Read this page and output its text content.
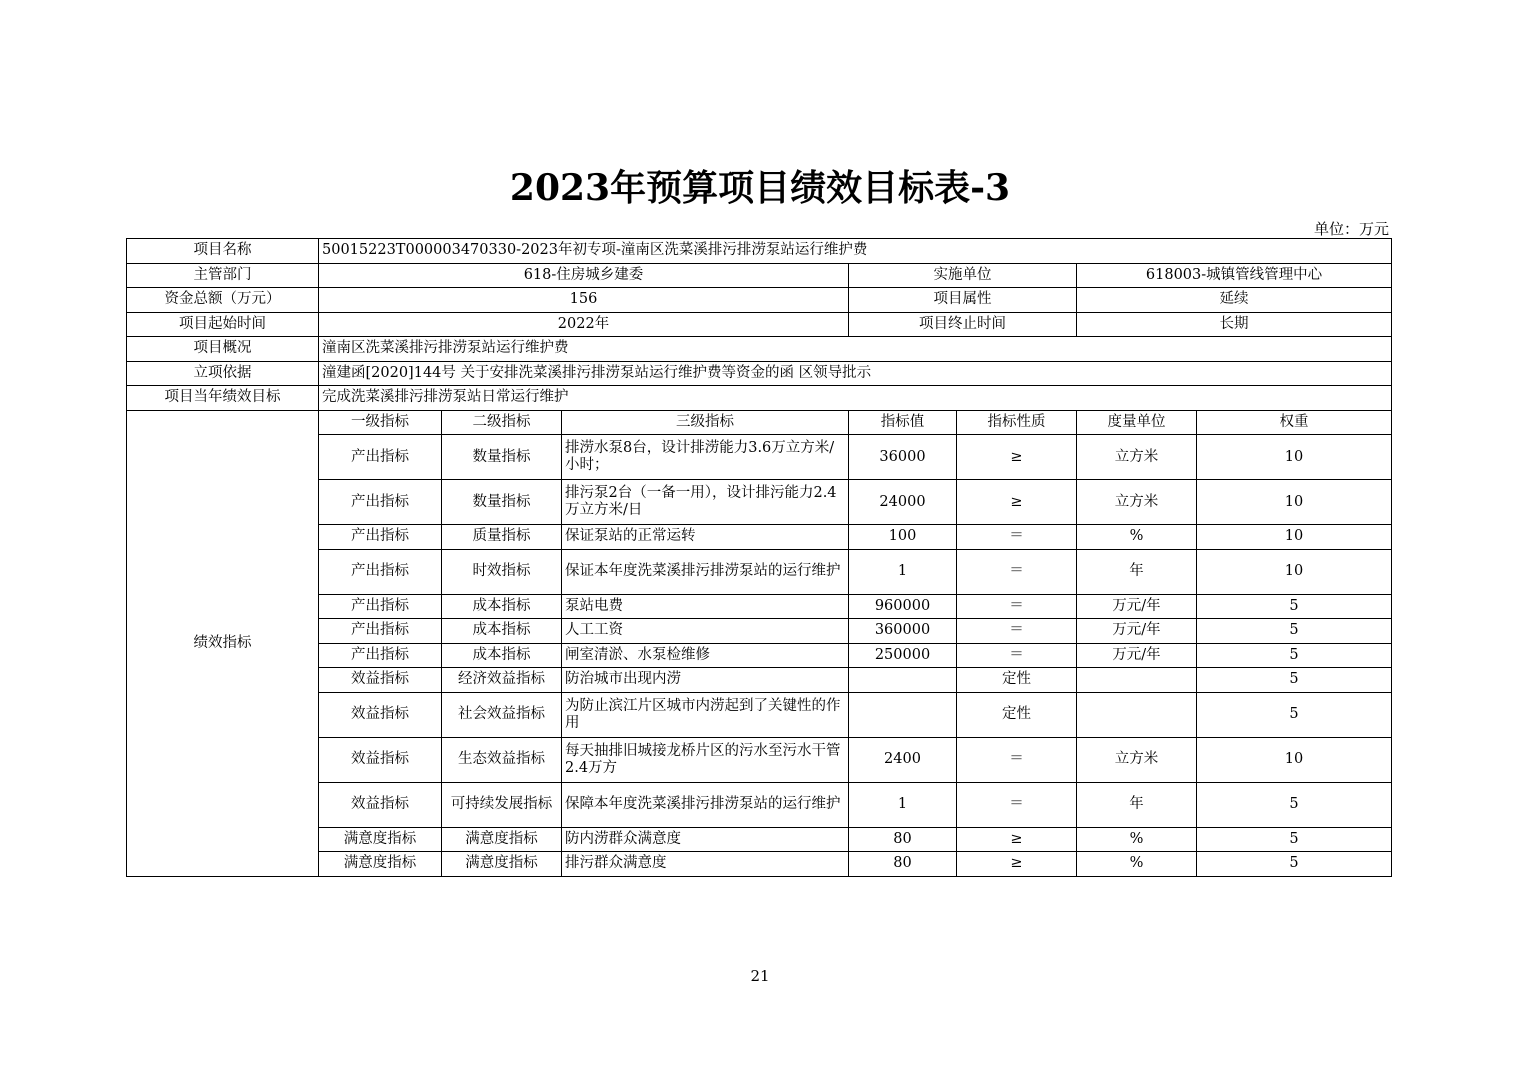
2023年预算项目绩效目标表-3
单位：万元
项目名称	50015223T000003470330-2023年初专项-潼南区洗菜溪排污排涝泵站运行维护费						
主管部门	618-住房城乡建委			实施单位		618003-城镇管线管理中心	
资金总额（万元）	156			项目属性		延续	
项目起始时间	2022年			项目终止时间		长期	
项目概况	潼南区洗菜溪排污排涝泵站运行维护费						
立项依据	潼建函[2020]144号 关于安排洗菜溪排污排涝泵站运行维护费等资金的函 区领导批示						
项目当年绩效目标	完成洗菜溪排污排涝泵站日常运行维护						
绩效指标	一级指标	二级指标	三级指标	指标值	指标性质	度量单位	权重
	产出指标	数量指标	排涝水泵8台，设计排涝能力3.6万立方米/小时；	36000	≥	立方米	10
	产出指标	数量指标	排污泵2台（一备一用），设计排污能力2.4万立方米/日	24000	≥	立方米	10
	产出指标	质量指标	保证泵站的正常运转	100	＝	%	10
	产出指标	时效指标	保证本年度洗菜溪排污排涝泵站的运行维护	1	＝	年	10
	产出指标	成本指标	泵站电费	960000	＝	万元/年	5
	产出指标	成本指标	人工工资	360000	＝	万元/年	5
	产出指标	成本指标	闸室清淤、水泵检维修	250000	＝	万元/年	5
	效益指标	经济效益指标	防治城市出现内涝		定性		5
	效益指标	社会效益指标	为防止滨江片区城市内涝起到了关键性的作用		定性		5
	效益指标	生态效益指标	每天抽排旧城接龙桥片区的污水至污水干管2.4万方	2400	＝	立方米	10
	效益指标	可持续发展指标	保障本年度洗菜溪排污排涝泵站的运行维护	1	＝	年	5
	满意度指标	满意度指标	防内涝群众满意度	80	≥	%	5
	满意度指标	满意度指标	排污群众满意度	80	≥	%	5
21
